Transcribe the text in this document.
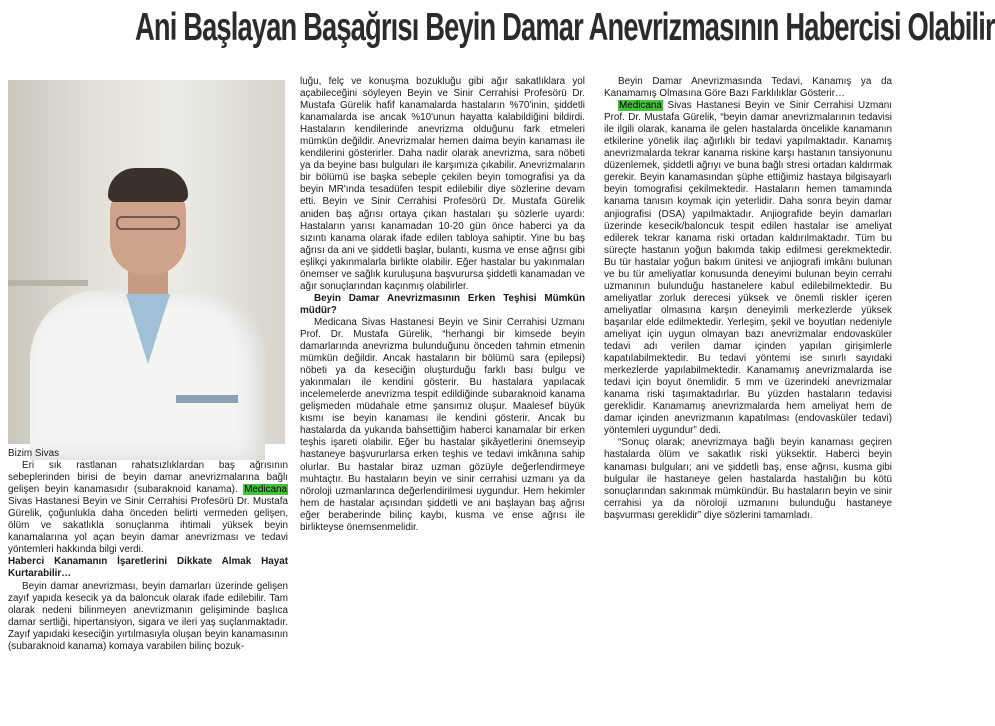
Ani Başlayan Başağrısı Beyin Damar Anevrizmasının Habercisi Olabilir

Bizim Sivas

Eri sık rastlanan rahatsızlıklardan baş ağrısının sebeplerinden birisi de beyin damar anevrizmalarına bağlı gelişen beyin kanamasıdır (subaraknoid kanama). Medicana Sivas Hastanesi Beyin ve Sinir Cerrahisi Profesörü Dr. Mustafa Gürelik, çoğunlukla daha önceden belirti vermeden gelişen, ölüm ve sakatlıkla sonuçlanma ihtimali yüksek beyin kanamalarına yol açan beyin damar anevrizması ve tedavi yöntemleri hakkında bilgi verdi.

Haberci Kanamanın İşaretlerini Dikkate Almak Hayat Kurtarabilir…

Beyin damar anevrizması, beyin damarları üzerinde gelişen zayıf yapıda kesecik ya da baloncuk olarak ifade edilebilir. Tam olarak nedeni bilinmeyen anevrizmanın gelişiminde başlıca damar sertliği, hipertansiyon, sigara ve ileri yaş suçlanmaktadır. Zayıf yapıdaki keseciğin yırtılmasıyla oluşan beyin kanamasının (subaraknoid kanama) komaya varabilen bilinç bozuk-

luğu, felç ve konuşma bozukluğu gibi ağır sakatlıklara yol açabileceğini söyleyen Beyin ve Sinir Cerrahisi Profesörü Dr. Mustafa Gürelik hafif kanamalarda hastaların %70'inin, şiddetli kanamalarda ise ancak %10'unun hayatta kalabildiğini bildirdi. Hastaların kendilerinde anevrizma olduğunu fark etmeleri mümkün değildir. Anevrizmalar hemen daima beyin kanaması ile kendilerini gösterirler. Daha nadir olarak anevrizma, sara nöbeti ya da beyine bası bulguları ile karşımıza çıkabilir. Anevrizmaların bir bölümü ise başka sebeple çekilen beyin tomografisi ya da beyin MR'ında tesadüfen tespit edilebilir diye sözlerine devam etti. Beyin ve Sinir Cerrahisi Profesörü Dr. Mustafa Gürelik aniden baş ağrısı ortaya çıkan hastaları şu sözlerle uyardı: Hastaların yarısı kanamadan 10-20 gün önce haberci ya da sızıntı kanama olarak ifade edilen tabloya sahiptir. Yine bu baş ağrısı da ani ve şiddetli başlar, bulantı, kusma ve ense ağrısı gibi eşlikçi yakınmalarla birlikte olabilir. Eğer hastalar bu yakınmaları önemser ve sağlık kuruluşuna başvurursa şiddetli kanamadan ve ağır sonuçlarından kaçınmış olabilirler.

Beyin Damar Anevrizmasının Erken Teşhisi Mümkün müdür?

Medicana Sivas Hastanesi Beyin ve Sinir Cerrahisi Uzmanı Prof. Dr. Mustafa Gürelik, “herhangi bir kimsede beyin damarlarında anevrizma bulunduğunu önceden tahmin etmenin mümkün değildir. Ancak hastaların bir bölümü sara (epilepsi) nöbeti ya da keseciğin oluşturduğu farklı bası bulgu ve yakınmaları ile kendini gösterir. Bu hastalara yapılacak incelemelerde anevrizma tespit edildiğinde subaraknoid kanama gelişmeden müdahale etme şansımız oluşur. Maalesef büyük kısmı ise beyin kanaması ile kendini gösterir. Ancak bu hastalarda da yukarıda bahsettiğim haberci kanamalar bir erken teşhis işareti olabilir. Eğer bu hastalar şikâyetlerini önemseyip hastaneye başvururlarsa erken teşhis ve tedavi imkânına sahip olurlar. Bu hastalar biraz uzman gözüyle değerlendirmeye muhtaçtır. Bu hastaların beyin ve sinir cerrahisi uzmanı ya da nöroloji uzmanlarınca değerlendirilmesi uygundur. Hem hekimler hem de hastalar açısından şiddetli ve ani başlayan baş ağrısı eğer beraberinde bilinç kaybı, kusma ve ense ağrısı ile birlikteyse önemsenmelidir.

Beyin Damar Anevrizmasında Tedavi, Kanamış ya da Kanamamış Olmasına Göre Bazı Farklılıklar Gösterir…

Medicana Sivas Hastanesi Beyin ve Sinir Cerrahisi Uzmanı Prof. Dr. Mustafa Gürelik, “beyin damar anevrizmalarının tedavisi ile ilgili olarak, kanama ile gelen hastalarda öncelikle kanamanın etkilerine yönelik ilaç ağırlıklı bir tedavi yapılmaktadır. Kanamış anevrizmalarda tekrar kanama riskine karşı hastanın tansiyonunu düzenlemek, şiddetli ağrıyı ve buna bağlı stresi ortadan kaldırmak gerekir. Beyin kanamasından şüphe ettiğimiz hastaya bilgisayarlı beyin tomografisi çekilmektedir. Hastaların hemen tamamında kanama tanısın koymak için yeterlidir. Daha sonra beyin damar anjiografisi (DSA) yapılmaktadır. Anjiografide beyin damarları üzerinde kesecik/baloncuk tespit edilen hastalar ise ameliyat edilerek tekrar kanama riski ortadan kaldırılmaktadır. Tüm bu süreçte hastanın yoğun bakımda takip edilmesi gerekmektedir. Bu tür hastalar yoğun bakım ünitesi ve anjiografi imkânı bulunan ve bu tür ameliyatlar konusunda deneyimi bulunan beyin cerrahi uzmanının bulunduğu hastanelere kabul edilebilmektedir. Bu ameliyatlar zorluk derecesi yüksek ve önemli riskler içeren ameliyatlar olmasına karşın deneyimli merkezlerde yüksek başarılar elde edilmektedir. Yerleşim, şekil ve boyutları nedeniyle ameliyat için uygun olmayan bazı anevrizmalar endovasküler tedavi adı verilen damar içinden yapılan girişimlerle kapatılabilmektedir. Bu tedavi yöntemi ise sınırlı sayıdaki merkezlerde yapılabilmektedir. Kanamamış anevrizmalarda ise tedavi için boyut önemlidir. 5 mm ve üzerindeki anevrizmalar kanama riski taşımaktadırlar. Bu yüzden hastaların tedavisi gereklidir. Kanamamış anevrizmalarda hem ameliyat hem de damar içinden anevrizmanın kapatılması (endovasküler tedavi) yöntemleri uygundur” dedi.

“Sonuç olarak; anevrizmaya bağlı beyin kanaması geçiren hastalarda ölüm ve sakatlık riski yüksektir. Haberci beyin kanaması bulguları; ani ve şiddetli baş, ense ağrısı, kusma gibi bulgular ile hastaneye gelen hastalarda hastalığın bu kötü sonuçlarından sakınmak mümkündür. Bu hastaların beyin ve sinir cerrahisi ya da nöroloji uzmanını bulunduğu hastaneye başvurması gereklidir” diye sözlerini tamamladı.
